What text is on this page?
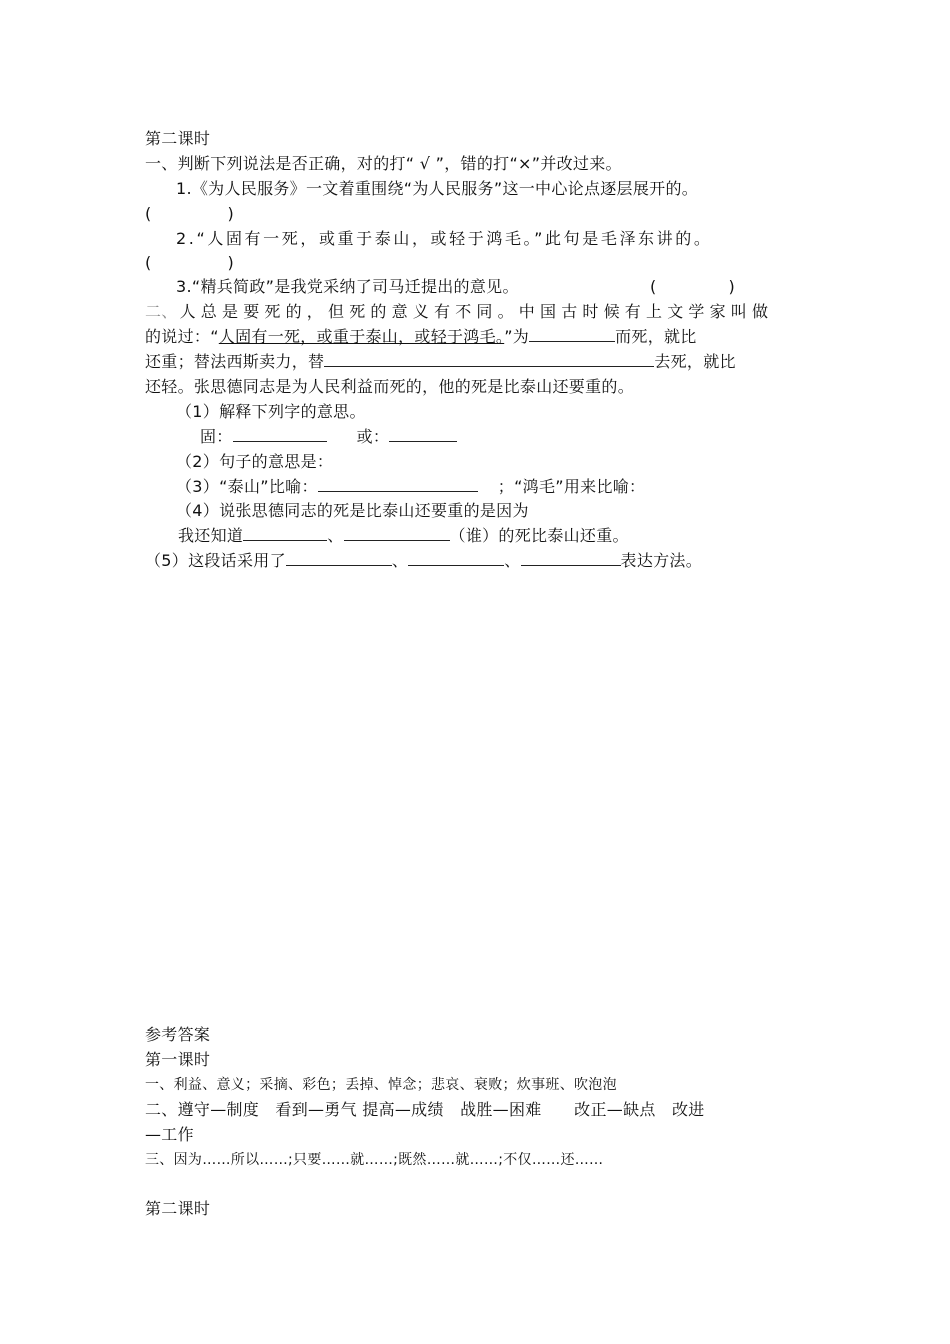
第二课时
一、判断下列说法是否正确，对的打“ √ ”，错的打“×”并改过来。
1.《为人民服务》一文着重围绕“为人民服务”这一中心论点逐层展开的。
(	)
2.“人固有一死，或重于泰山，或轻于鸿毛。”此句是毛泽东讲的。
(	)
3.“精兵简政”是我党采纳了司马迁提出的意见。	(	)
二、 人总是要死的，但死的意义有不同。中国古时候有上文学家叫做
的说过：“人固有一死，或重于泰山，或轻于鸿毛。”为	而死，就比
还重；替法西斯卖力，替	去死，就比
还轻。张思德同志是为人民利益而死的，他的死是比泰山还要重的。
（1）解释下列字的意思。
固：	或：
（2）句子的意思是：
（3）“泰山”比喻：	；“鸿毛”用来比喻：
（4）说张思德同志的死是比泰山还要重的是因为
我还知道	、	（谁）的死比泰山还重。
（5）这段话采用了	、	、	表达方法。
参考答案
第一课时
一、利益、意义；采摘、彩色；丢掉、悼念；悲哀、衰败；炊事班、吹泡泡
二、遵守—制度　看到—勇气 提高—成绩　战胜—困难　　改正—缺点　改进
—工作
三、因为……所以……;只要……就……;既然……就……;不仅……还……
第二课时
